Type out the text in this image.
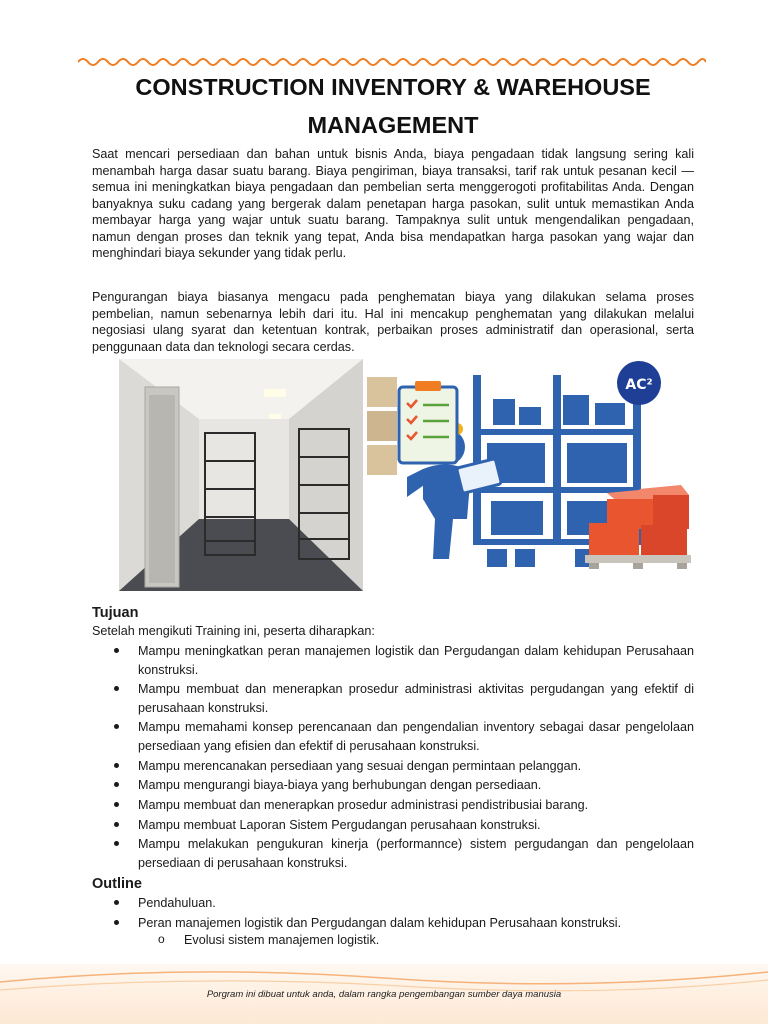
CONSTRUCTION INVENTORY & WAREHOUSE MANAGEMENT

Saat mencari persediaan dan bahan untuk bisnis Anda, biaya pengadaan tidak langsung sering kali menambah harga dasar suatu barang. Biaya pengiriman, biaya transaksi, tarif rak untuk pesanan kecil — semua ini meningkatkan biaya pengadaan dan pembelian serta menggerogoti profitabilitas Anda. Dengan banyaknya suku cadang yang bergerak dalam penetapan harga pasokan, sulit untuk memastikan Anda membayar harga yang wajar untuk suatu barang. Tampaknya sulit untuk mengendalikan pengadaan, namun dengan proses dan teknik yang tepat, Anda bisa mendapatkan harga pasokan yang wajar dan menghindari biaya sekunder yang tidak perlu.

Pengurangan biaya biasanya mengacu pada penghematan biaya yang dilakukan selama proses pembelian, namun sebenarnya lebih dari itu. Hal ini mencakup penghematan yang dilakukan melalui negosiasi ulang syarat dan ketentuan kontrak, perbaikan proses administratif dan operasional, serta penggunaan data dan teknologi secara cerdas.

AC²
Tujuan

Setelah mengikuti Training ini, peserta diharapkan:

Mampu meningkatkan peran manajemen logistik dan Pergudangan dalam kehidupan Perusahaan konstruksi.
Mampu membuat dan menerapkan prosedur administrasi aktivitas pergudangan yang efektif di perusahaan konstruksi.
Mampu memahami konsep perencanaan dan pengendalian inventory sebagai dasar pengelolaan persediaan yang efisien dan efektif di perusahaan konstruksi.
Mampu merencanakan persediaan yang sesuai dengan permintaan pelanggan.
Mampu mengurangi biaya-biaya yang berhubungan dengan persediaan.
Mampu membuat dan menerapkan prosedur administrasi pendistribusiai barang.
Mampu membuat Laporan Sistem Pergudangan perusahaan konstruksi.
Mampu melakukan pengukuran kinerja (performannce) sistem pergudangan dan pengelolaan persediaan di perusahaan konstruksi.
Outline
Pendahuluan.
Peran manajemen logistik dan Pergudangan dalam kehidupan Perusahaan konstruksi.
o Evolusi sistem manajemen logistik.

Porgram ini dibuat untuk anda, dalam rangka pengembangan sumber daya manusia
